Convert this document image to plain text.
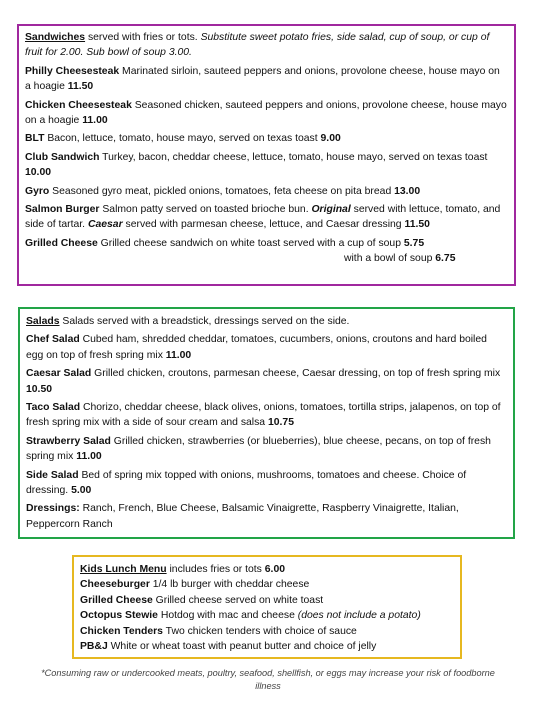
Sandwiches served with fries or tots. Substitute sweet potato fries, side salad, cup of soup, or cup of fruit for 2.00. Sub bowl of soup 3.00.

Philly Cheesesteak Marinated sirloin, sauteed peppers and onions, provolone cheese, house mayo on a hoagie 11.50

Chicken Cheesesteak Seasoned chicken, sauteed peppers and onions, provolone cheese, house mayo on a hoagie 11.00

BLT Bacon, lettuce, tomato, house mayo, served on texas toast 9.00

Club Sandwich Turkey, bacon, cheddar cheese, lettuce, tomato, house mayo, served on texas toast 10.00

Gyro Seasoned gyro meat, pickled onions, tomatoes, feta cheese on pita bread 13.00

Salmon Burger Salmon patty served on toasted brioche bun. Original served with lettuce, tomato, and side of tartar. Caesar served with parmesan cheese, lettuce, and Caesar dressing 11.50

Grilled Cheese Grilled cheese sandwich on white toast served with a cup of soup 5.75

with a bowl of soup 6.75

Salads Salads served with a breadstick, dressings served on the side.

Chef Salad Cubed ham, shredded cheddar, tomatoes, cucumbers, onions, croutons and hard boiled egg on top of fresh spring mix 11.00

Caesar Salad Grilled chicken, croutons, parmesan cheese, Caesar dressing, on top of fresh spring mix 10.50

Taco Salad Chorizo, cheddar cheese, black olives, onions, tomatoes, tortilla strips, jalapenos, on top of fresh spring mix with a side of sour cream and salsa 10.75

Strawberry Salad Grilled chicken, strawberries (or blueberries), blue cheese, pecans, on top of fresh spring mix 11.00

Side Salad Bed of spring mix topped with onions, mushrooms, tomatoes and cheese. Choice of dressing. 5.00

Dressings: Ranch, French, Blue Cheese, Balsamic Vinaigrette, Raspberry Vinaigrette, Italian, Peppercorn Ranch

Kids Lunch Menu includes fries or tots 6.00

Cheeseburger 1/4 lb burger with cheddar cheese

Grilled Cheese Grilled cheese served on white toast

Octopus Stewie Hotdog with mac and cheese (does not include a potato)

Chicken Tenders Two chicken tenders with choice of sauce

PB&J White or wheat toast with peanut butter and choice of jelly

*Consuming raw or undercooked meats, poultry, seafood, shellfish, or eggs may increase your risk of foodborne illness
